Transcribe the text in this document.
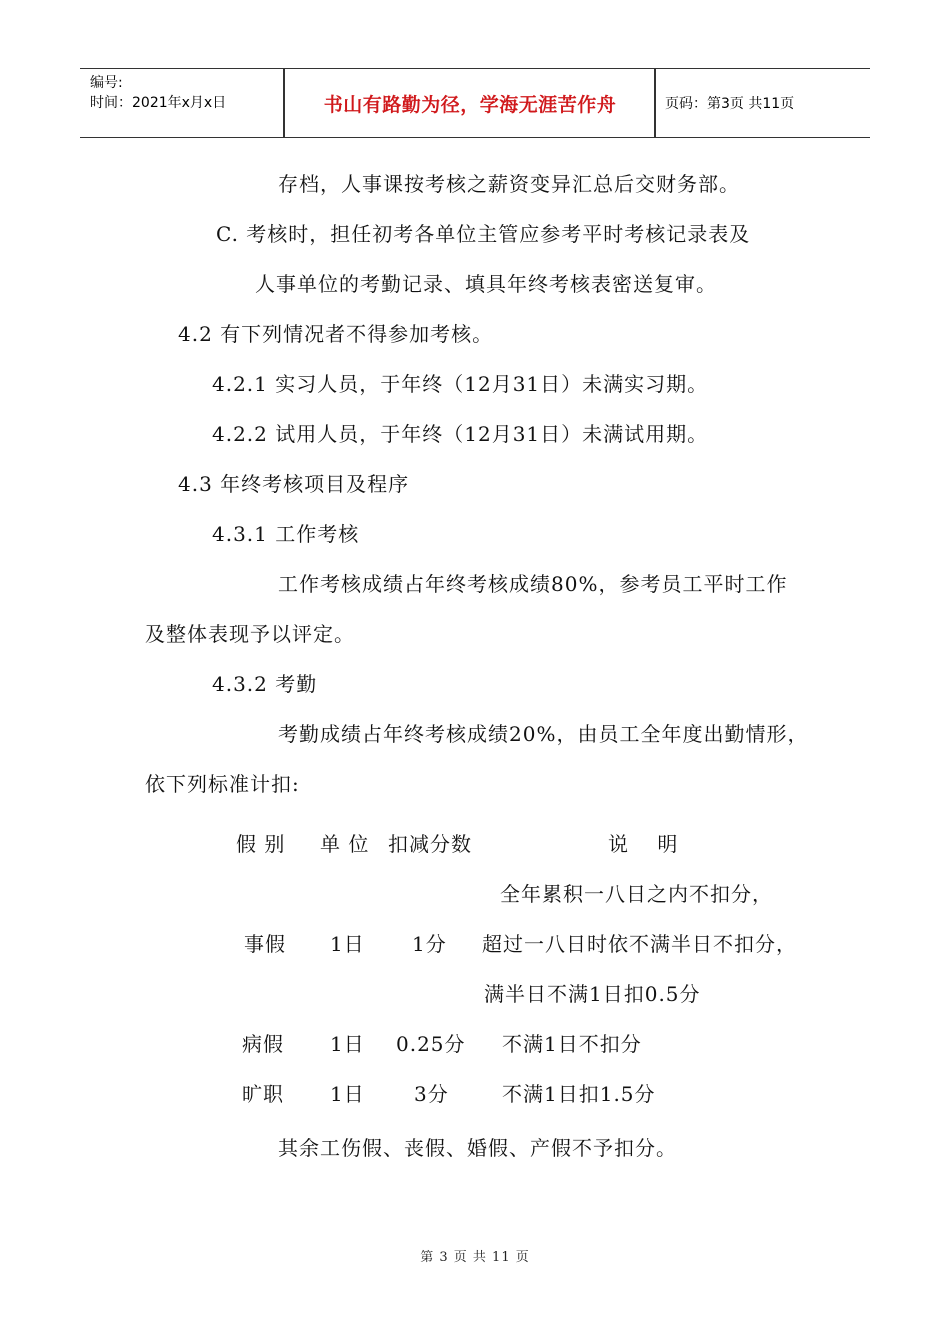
编号:
时间：2021年x月x日	书山有路勤为径，学海无涯苦作舟	页码：第3页 共11页
存档，人事课按考核之薪资变异汇总后交财务部。
C. 考核时，担任初考各单位主管应参考平时考核记录表及
人事单位的考勤记录、填具年终考核表密送复审。
4.2 有下列情况者不得参加考核。
4.2.1 实习人员，于年终（12月31日）未满实习期。
4.2.2 试用人员，于年终（12月31日）未满试用期。
4.3 年终考核项目及程序
4.3.1 工作考核
工作考核成绩占年终考核成绩80%，参考员工平时工作
及整体表现予以评定。
4.3.2 考勤
考勤成绩占年终考核成绩20%，由员工全年度出勤情形，
依下列标准计扣:
假 别 单 位 扣减分数	说　 明
全年累积一八日之内不扣分，
事假 1日 1分 超过一八日时依不满半日不扣分，
满半日不满1日扣0.5分
病假 1日 0.25分 不满1日不扣分
旷职 1日 3分	不满1日扣1.5分
其余工伤假、丧假、婚假、产假不予扣分。
第 3 页 共 11 页
